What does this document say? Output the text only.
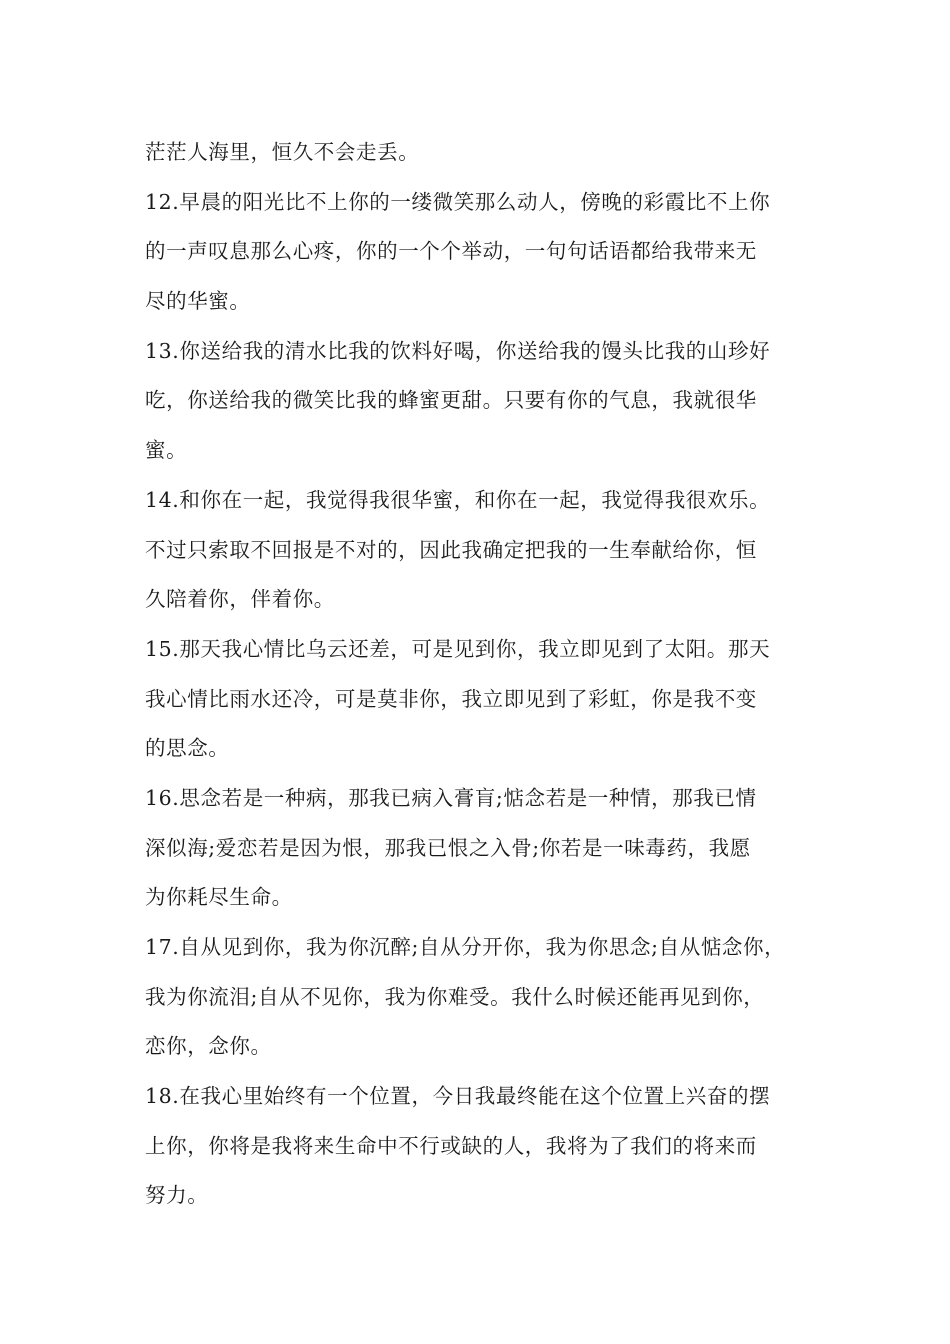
茫茫人海里，恒久不会走丢。
12.早晨的阳光比不上你的一缕微笑那么动人，傍晚的彩霞比不上你
的一声叹息那么心疼，你的一个个举动，一句句话语都给我带来无
尽的华蜜。
13.你送给我的清水比我的饮料好喝，你送给我的馒头比我的山珍好
吃，你送给我的微笑比我的蜂蜜更甜。只要有你的气息，我就很华
蜜。
14.和你在一起，我觉得我很华蜜，和你在一起，我觉得我很欢乐。
不过只索取不回报是不对的，因此我确定把我的一生奉献给你，恒
久陪着你，伴着你。
15.那天我心情比乌云还差，可是见到你，我立即见到了太阳。那天
我心情比雨水还冷，可是莫非你，我立即见到了彩虹，你是我不变
的思念。
16.思念若是一种病，那我已病入膏肓;惦念若是一种情，那我已情
深似海;爱恋若是因为恨，那我已恨之入骨;你若是一味毒药，我愿
为你耗尽生命。
17.自从见到你，我为你沉醉;自从分开你，我为你思念;自从惦念你，
我为你流泪;自从不见你，我为你难受。我什么时候还能再见到你，
恋你，念你。
18.在我心里始终有一个位置，今日我最终能在这个位置上兴奋的摆
上你，你将是我将来生命中不行或缺的人，我将为了我们的将来而
努力。
